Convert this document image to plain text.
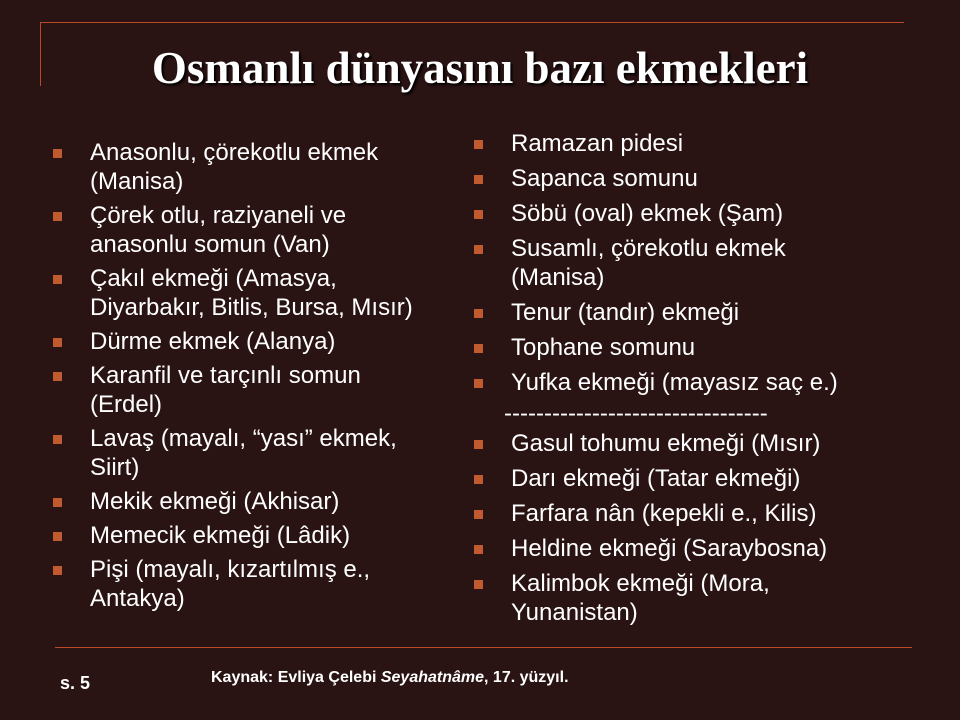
Osmanlı dünyasını bazı ekmekleri
Anasonlu, çörekotlu ekmek
(Manisa)
Çörek otlu, raziyaneli ve
anasonlu somun (Van)
Çakıl ekmeği (Amasya,
Diyarbakır, Bitlis, Bursa, Mısır)
Dürme ekmek (Alanya)
Karanfil ve tarçınlı somun
(Erdel)
Lavaş (mayalı, “yası” ekmek,
Siirt)
Mekik ekmeği (Akhisar)
Memecik ekmeği (Lâdik)
Pişi (mayalı, kızartılmış e.,
Antakya)
Ramazan pidesi
Sapanca somunu
Söbü (oval) ekmek (Şam)
Susamlı, çörekotlu ekmek
(Manisa)
Tenur (tandır) ekmeği
Tophane somunu
Yufka ekmeği (mayasız saç e.)
---------------------------------
Gasul tohumu ekmeği (Mısır)
Darı ekmeği (Tatar ekmeği)
Farfara nân (kepekli e., Kilis)
Heldine ekmeği (Saraybosna)
Kalimbok ekmeği (Mora,
Yunanistan)
s. 5	Kaynak: Evliya Çelebi Seyahatnâme, 17. yüzyıl.
